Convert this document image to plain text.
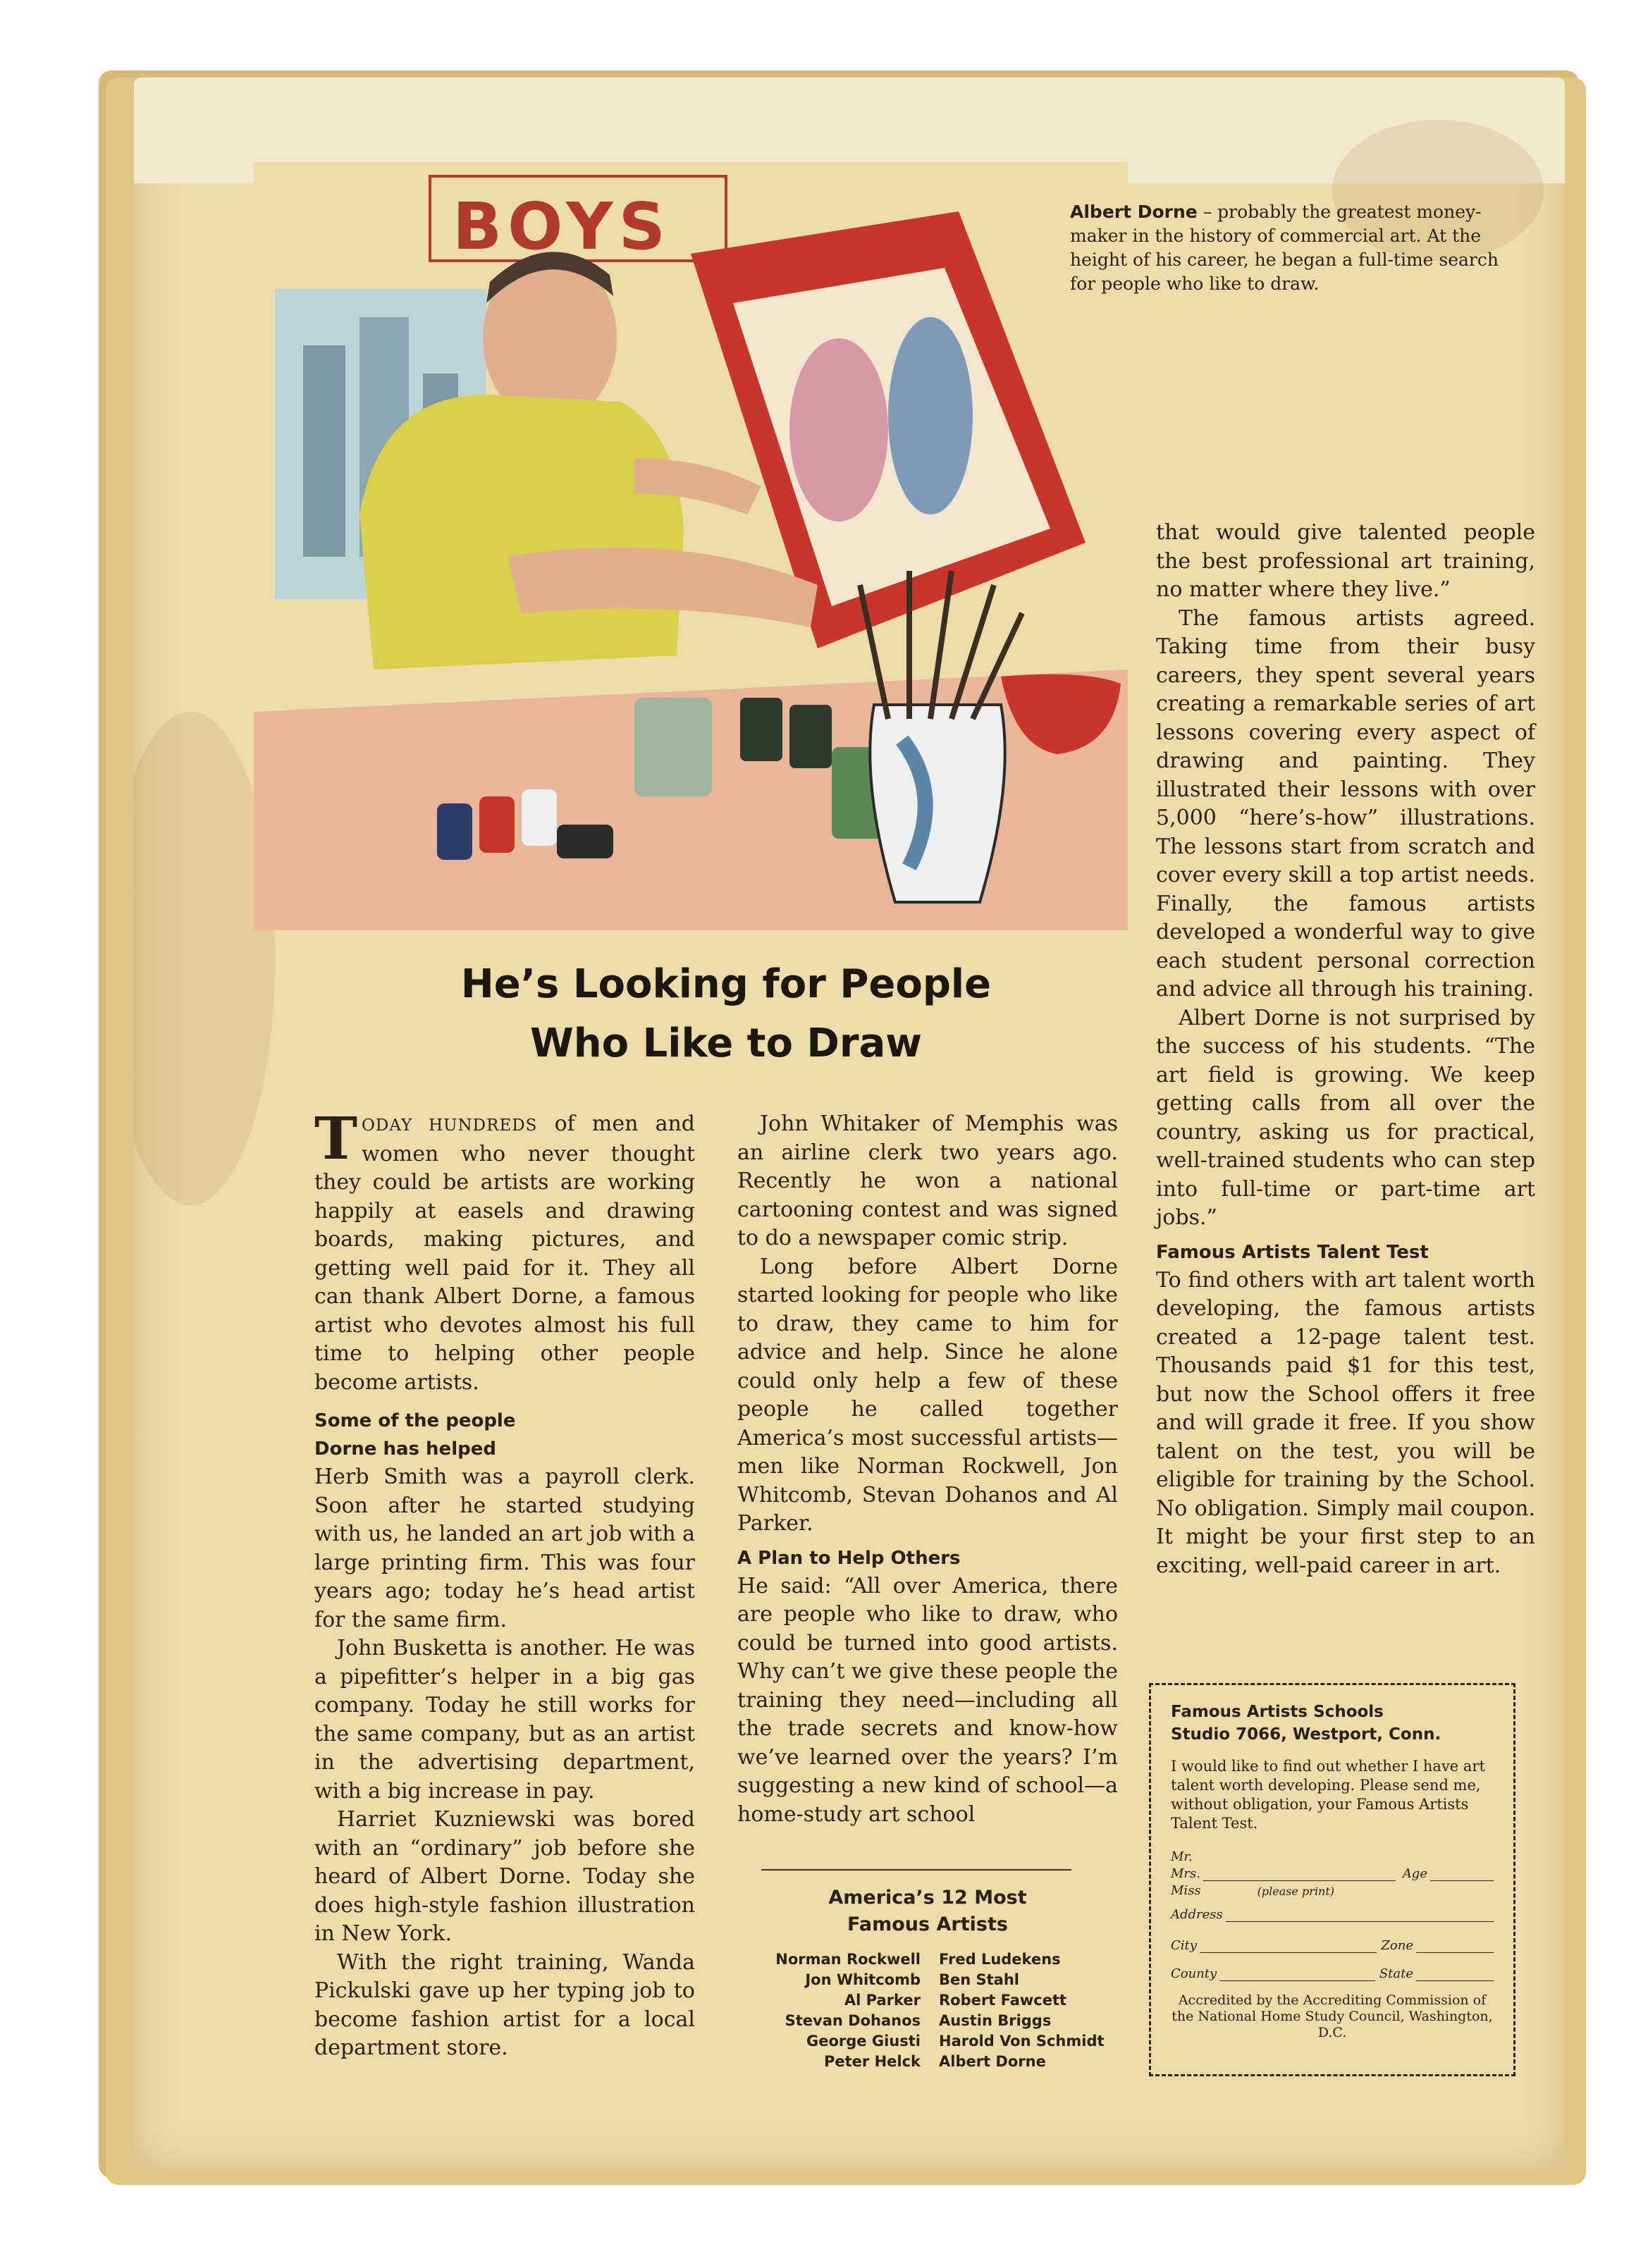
BOYS	Albert Dorne – probably the greatest money-maker in the history of commercial art. At the height of his career, he began a full-time search for people who like to draw.
He’s Looking for People
Who Like to Draw

TODAY HUNDREDS of men and women who never thought they could be artists are working happily at easels and drawing boards, making pictures, and getting well paid for it. They all can thank Albert Dorne, a famous artist who devotes almost his full time to helping other people become artists.

Some of the people

Dorne has helped

Herb Smith was a payroll clerk. Soon after he started studying with us, he landed an art job with a large printing firm. This was four years ago; today he’s head artist for the same firm.

John Busketta is another. He was a pipefitter’s helper in a big gas company. Today he still works for the same company, but as an artist in the advertising department, with a big increase in pay.

Harriet Kuzniewski was bored with an “ordinary” job before she heard of Albert Dorne. Today she does high-style fashion illustration in New York.

With the right training, Wanda Pickulski gave up her typing job to become fashion artist for a local department store.

John Whitaker of Memphis was an airline clerk two years ago. Recently he won a national cartooning contest and was signed to do a newspaper comic strip.

Long before Albert Dorne started looking for people who like to draw, they came to him for advice and help. Since he alone could only help a few of these people he called together America’s most successful artists—men like Norman Rockwell, Jon Whitcomb, Stevan Dohanos and Al Parker.

A Plan to Help Others

He said: “All over America, there are people who like to draw, who could be turned into good artists. Why can’t we give these people the training they need—including all the trade secrets and know-how we’ve learned over the years? I’m suggesting a new kind of school—a home-study art school

America’s 12 Most
Famous Artists
Norman Rockwell	Fred Ludekens
Jon Whitcomb	Ben Stahl
Al Parker	Robert Fawcett
Stevan Dohanos	Austin Briggs
George Giusti	Harold Von Schmidt
Peter Helck	Albert Dorne

that would give talented people the best professional art training, no matter where they live.”

The famous artists agreed. Taking time from their busy careers, they spent several years creating a remarkable series of art lessons covering every aspect of drawing and painting. They illustrated their lessons with over 5,000 “here’s-how” illustrations. The lessons start from scratch and cover every skill a top artist needs. Finally, the famous artists developed a wonderful way to give each student personal correction and advice all through his training.

Albert Dorne is not surprised by the success of his students. “The art field is growing. We keep getting calls from all over the country, asking us for practical, well-trained students who can step into full-time or part-time art jobs.”

Famous Artists Talent Test

To find others with art talent worth developing, the famous artists created a 12-page talent test. Thousands paid $1 for this test, but now the School offers it free and will grade it free. If you show talent on the test, you will be eligible for training by the School. No obligation. Simply mail coupon. It might be your first step to an exciting, well-paid career in art.

Famous Artists Schools
Studio 7066, Westport, Conn.
I would like to find out whether I have art talent worth developing. Please send me, without obligation, your Famous Artists Talent Test.
Mr.
Mrs.	Age
Miss	(please print)
Address
City	Zone
County	State
Accredited by the Accrediting Commission of the National Home Study Council, Washington, D.C.
